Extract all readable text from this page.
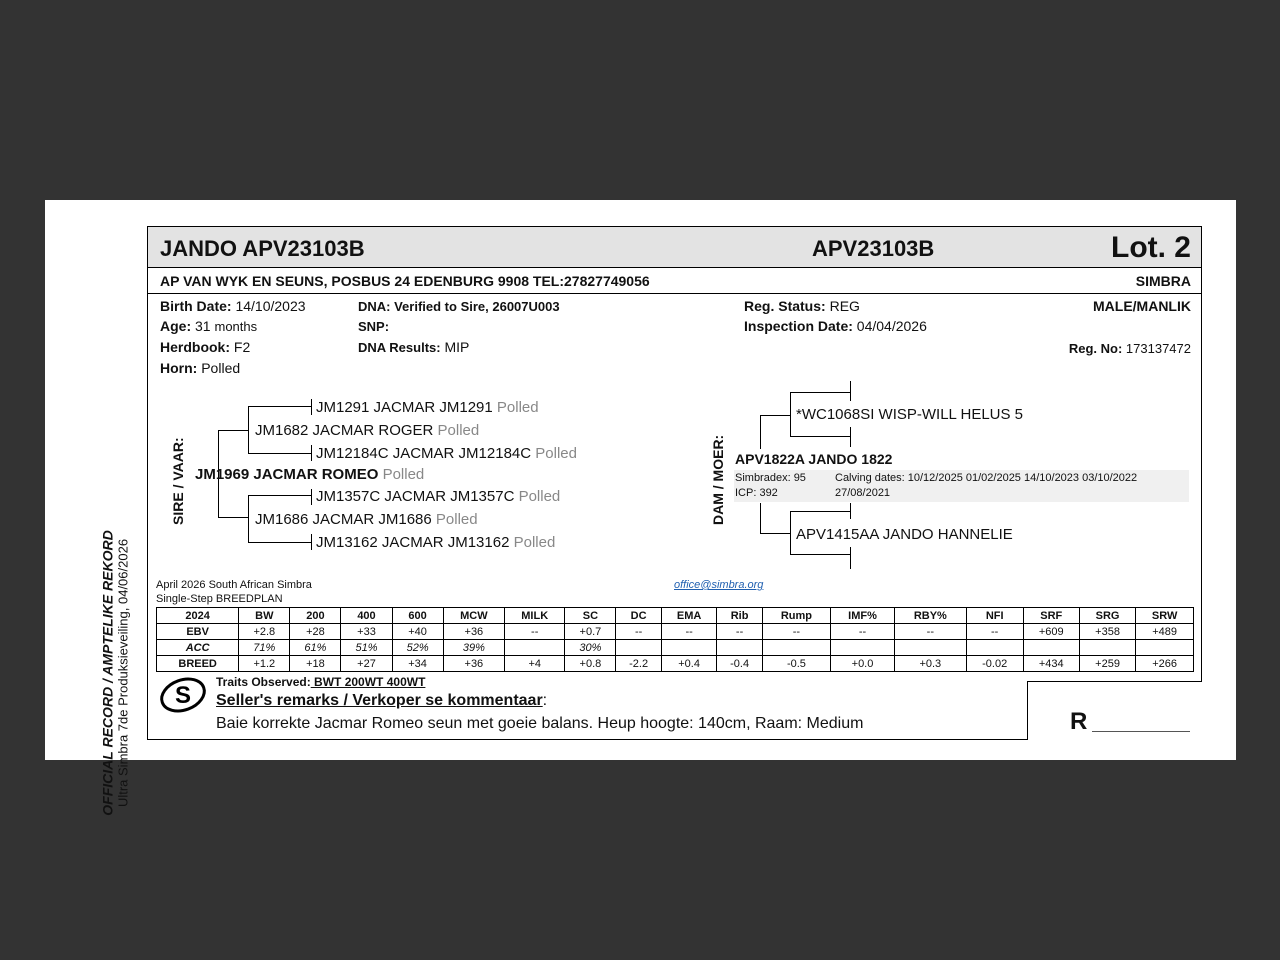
OFFICIAL RECORD / AMPTELIKE REKORD Ultra Simbra 7de Produksieveiling, 04/06/2026
JANDO APV23103B	APV23103B	Lot. 2
AP VAN WYK EN SEUNS, POSBUS 24 EDENBURG 9908 TEL:27827749056	SIMBRA
Birth Date: 14/10/2023
Age: 31 months
Herdbook: F2
Horn: Polled
DNA: Verified to Sire, 26007U003
SNP:
DNA Results: MIP
Reg. Status: REG
Inspection Date: 04/04/2026
MALE/MANLIK
Reg. No: 173137472
SIRE / VAAR:
JM1291 JACMAR JM1291 Polled
JM1682 JACMAR ROGER Polled
JM12184C JACMAR JM12184C Polled
JM1969 JACMAR ROMEO Polled
JM1357C JACMAR JM1357C Polled
JM1686 JACMAR JM1686 Polled
JM13162 JACMAR JM13162 Polled
DAM / MOER:
*WC1068SI WISP-WILL HELUS 5
APV1822A JANDO 1822
Simbradex: 95
ICP: 392
Calving dates: 10/12/2025 01/02/2025 14/10/2023 03/10/2022
27/08/2021
APV1415AA JANDO HANNELIE
April 2026 South African Simbra
Single-Step BREEDPLAN
office@simbra.org
2024	BW	200	400	600	MCW	MILK	SC	DC	EMA	Rib	Rump	IMF%	RBY%	NFI	SRF	SRG	SRW
EBV	+2.8	+28	+33	+40	+36	--	+0.7	--	--	--	--	--	--	--	+609	+358	+489
ACC	71%	61%	51%	52%	39%		30%										
BREED	+1.2	+18	+27	+34	+36	+4	+0.8	-2.2	+0.4	-0.4	-0.5	+0.0	+0.3	-0.02	+434	+259	+266
S Traits Observed: BWT 200WT 400WT
Seller's remarks / Verkoper se kommentaar:
Baie korrekte Jacmar Romeo seun met goeie balans. Heup hoogte: 140cm, Raam: Medium	R
